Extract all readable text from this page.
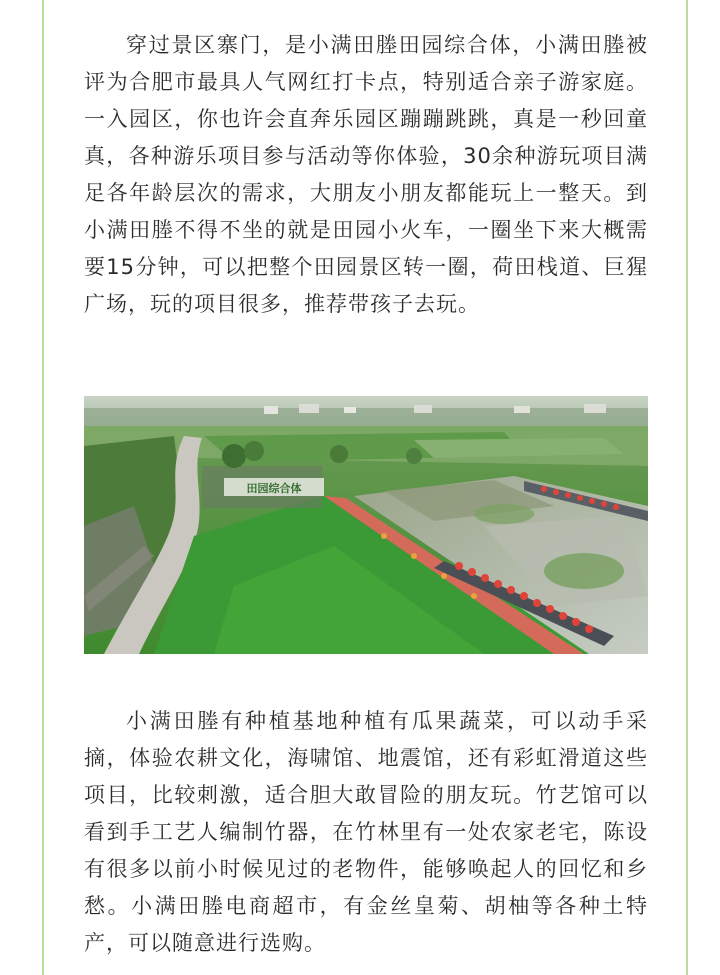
穿过景区寨门，是小满田塍田园综合体，小满田塍被评为合肥市最具人气网红打卡点，特别适合亲子游家庭。一入园区，你也许会直奔乐园区蹦蹦跳跳，真是一秒回童真，各种游乐项目参与活动等你体验，30余种游玩项目满足各年龄层次的需求，大朋友小朋友都能玩上一整天。到小满田塍不得不坐的就是田园小火车，一圈坐下来大概需要15分钟，可以把整个田园景区转一圈，荷田栈道、巨猩广场，玩的项目很多，推荐带孩子去玩。

田园综合体

小满田塍有种植基地种植有瓜果蔬菜，可以动手采摘，体验农耕文化，海啸馆、地震馆，还有彩虹滑道这些项目，比较刺激，适合胆大敢冒险的朋友玩。竹艺馆可以看到手工艺人编制竹器，在竹林里有一处农家老宅，陈设有很多以前小时候见过的老物件，能够唤起人的回忆和乡愁。小满田塍电商超市，有金丝皇菊、胡柚等各种土特产，可以随意进行选购。
